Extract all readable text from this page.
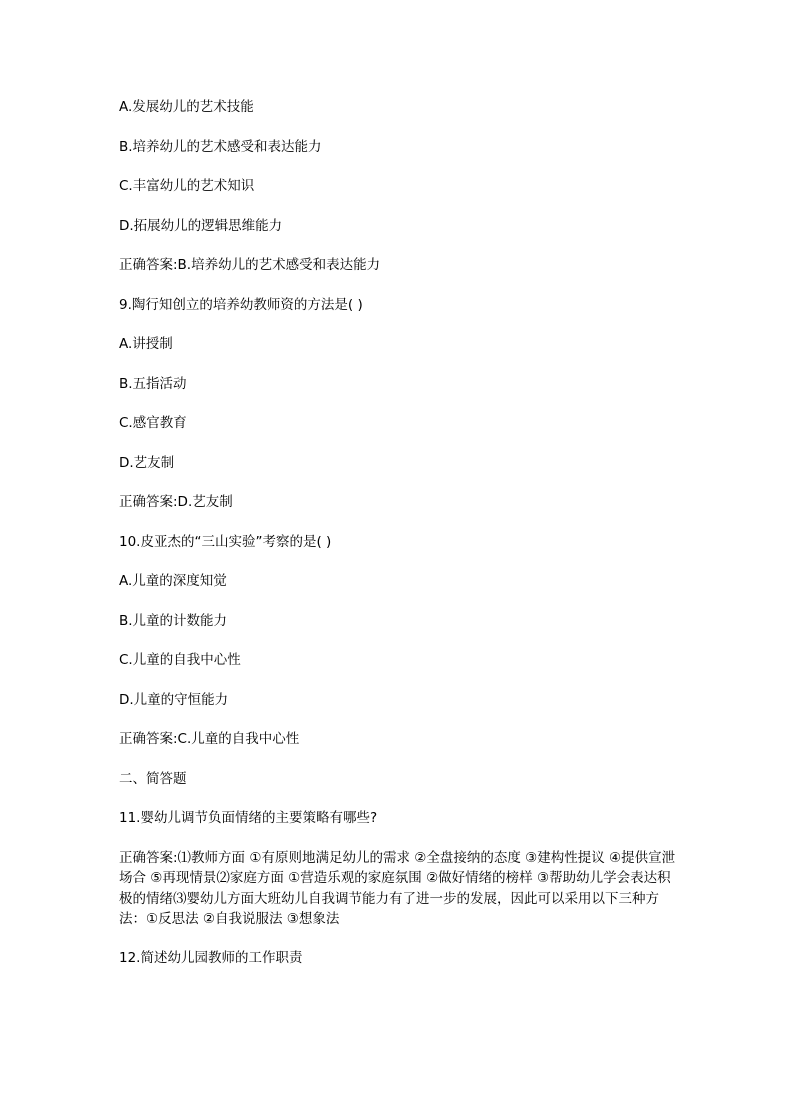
A.发展幼儿的艺术技能
B.培养幼儿的艺术感受和表达能力
C.丰富幼儿的艺术知识
D.拓展幼儿的逻辑思维能力
正确答案:B.培养幼儿的艺术感受和表达能力
9.陶行知创立的培养幼教师资的方法是( )
A.讲授制
B.五指活动
C.感官教育
D.艺友制
正确答案:D.艺友制
10.皮亚杰的“三山实验”考察的是( )
A.儿童的深度知觉
B.儿童的计数能力
C.儿童的自我中心性
D.儿童的守恒能力
正确答案:C.儿童的自我中心性
二、简答题
11.婴幼儿调节负面情绪的主要策略有哪些?
正确答案:⑴教师方面 ①有原则地满足幼儿的需求 ②全盘接纳的态度 ③建构性提议 ④提供宣泄场合 ⑤再现情景⑵家庭方面 ①营造乐观的家庭氛围 ②做好情绪的榜样 ③帮助幼儿学会表达积极的情绪⑶婴幼儿方面大班幼儿自我调节能力有了进一步的发展，因此可以采用以下三种方法：①反思法 ②自我说服法 ③想象法
12.简述幼儿园教师的工作职责
